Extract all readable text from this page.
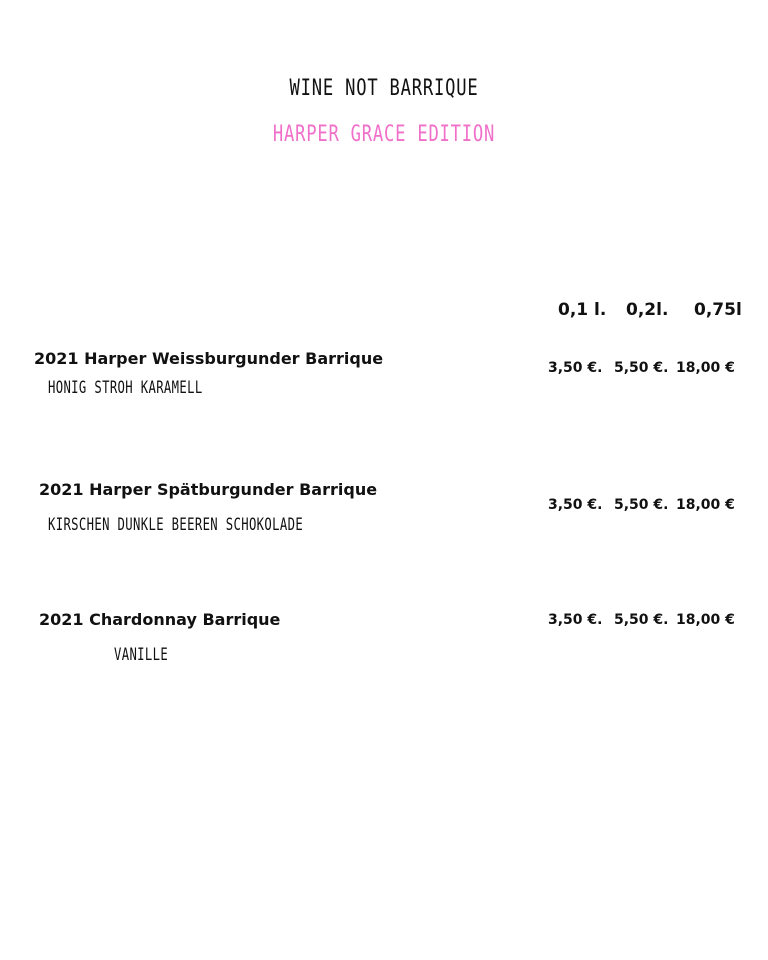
WINE NOT BARRIQUE
HARPER GRACE EDITION
0,1 l. 0,2l. 0,75l
2021 Harper Weissburgunder Barrique
HONIG STROH KARAMELL
3,50 €. 5,50 €. 18,00 €
2021 Harper Spätburgunder Barrique
KIRSCHEN DUNKLE BEEREN SCHOKOLADE
3,50 €. 5,50 €. 18,00 €
2021 Chardonnay Barrique
VANILLE
3,50 €. 5,50 €. 18,00 €
